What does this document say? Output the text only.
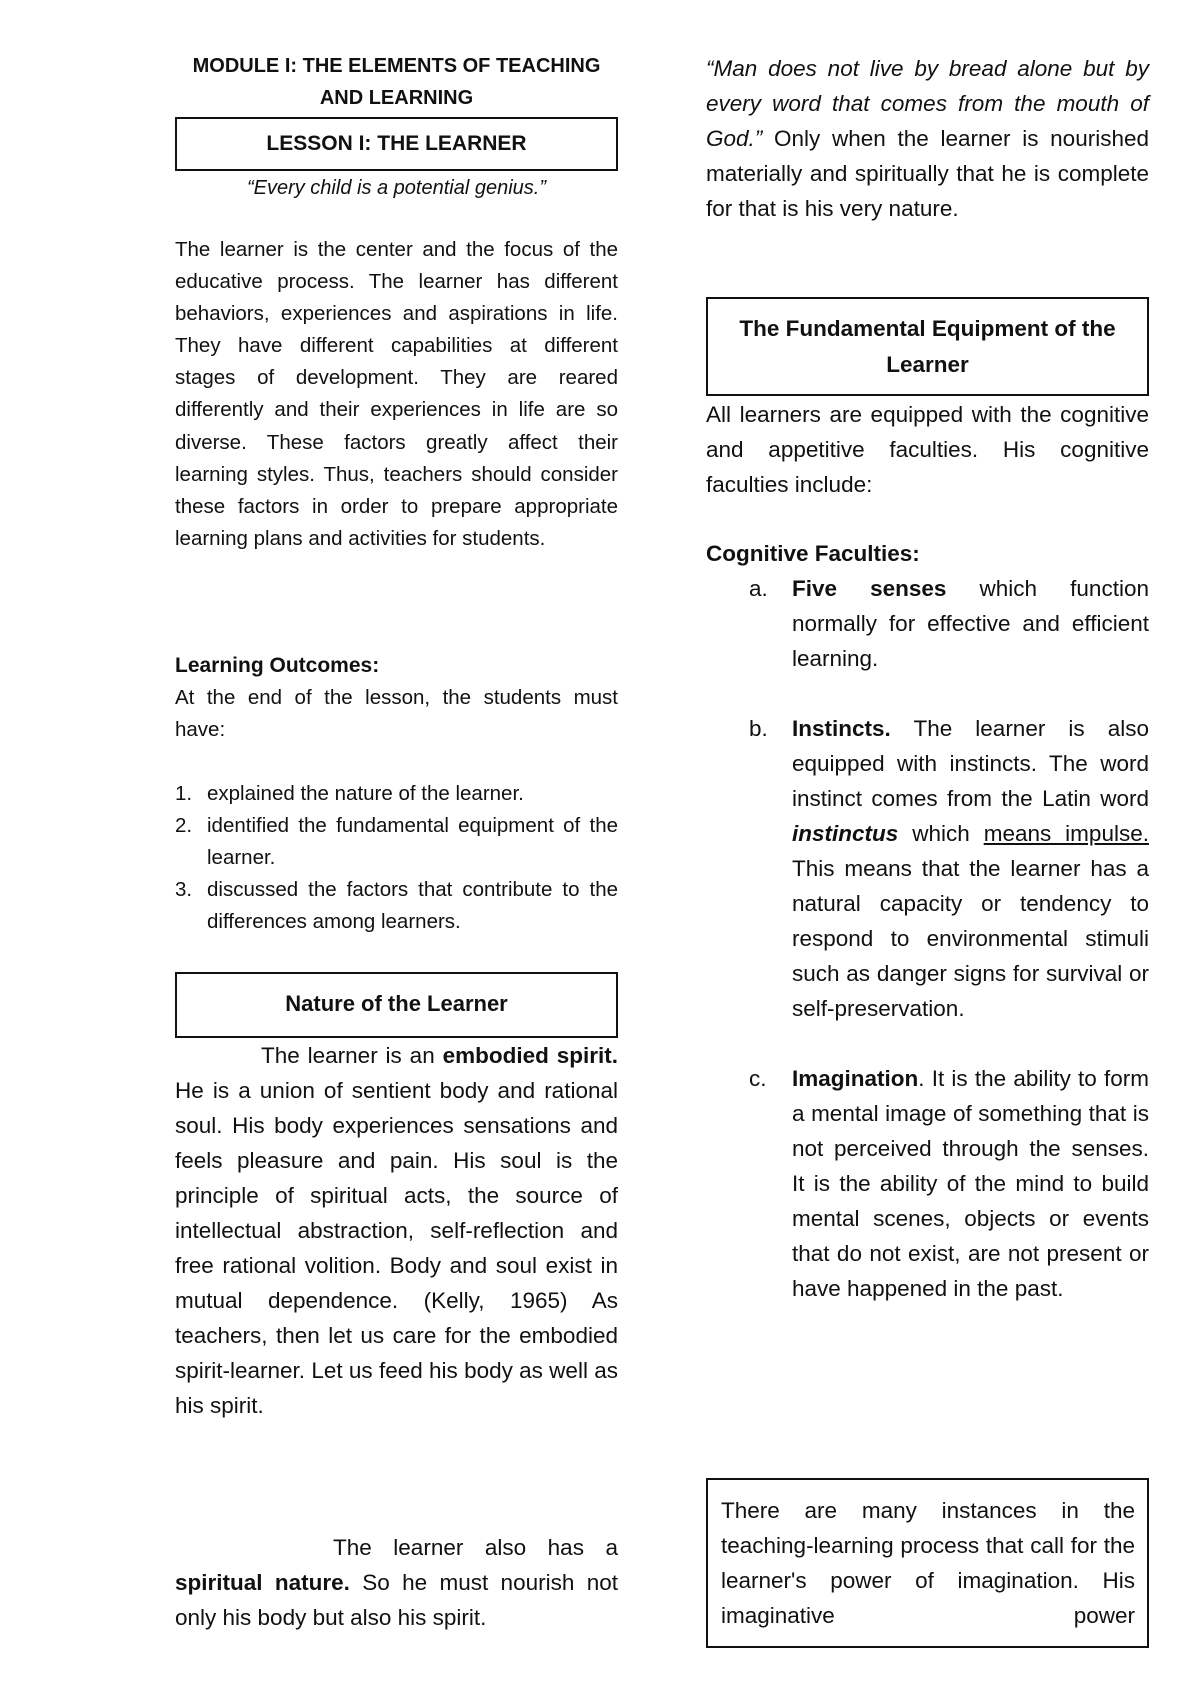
MODULE I: THE ELEMENTS OF TEACHING AND LEARNING
LESSON I: THE LEARNER
“Every child is a potential genius.”
The learner is the center and the focus of the educative process. The learner has different behaviors, experiences and aspirations in life. They have different capabilities at different stages of development. They are reared differently and their experiences in life are so diverse. These factors greatly affect their learning styles. Thus, teachers should consider these factors in order to prepare appropriate learning plans and activities for students.
Learning Outcomes:
At the end of the lesson, the students must have:
1. explained the nature of the learner.
2. identified the fundamental equipment of the learner.
3. discussed the factors that contribute to the differences among learners.
Nature of the Learner
The learner is an embodied spirit. He is a union of sentient body and rational soul. His body experiences sensations and feels pleasure and pain. His soul is the principle of spiritual acts, the source of intellectual abstraction, self-reflection and free rational volition. Body and soul exist in mutual dependence. (Kelly, 1965) As teachers, then let us care for the embodied spirit-learner. Let us feed his body as well as his spirit.
The learner also has a spiritual nature. So he must nourish not only his body but also his spirit.
“Man does not live by bread alone but by every word that comes from the mouth of God.” Only when the learner is nourished materially and spiritually that he is complete for that is his very nature.
The Fundamental Equipment of the Learner
All learners are equipped with the cognitive and appetitive faculties. His cognitive faculties include:
Cognitive Faculties:
a. Five senses which function normally for effective and efficient learning.
b. Instincts. The learner is also equipped with instincts. The word instinct comes from the Latin word instinctus which means impulse. This means that the learner has a natural capacity or tendency to respond to environmental stimuli such as danger signs for survival or self-preservation.
c. Imagination. It is the ability to form a mental image of something that is not perceived through the senses. It is the ability of the mind to build mental scenes, objects or events that do not exist, are not present or have happened in the past.
There are many instances in the teaching-learning process that call for the learner's power of imagination. His imaginative power
